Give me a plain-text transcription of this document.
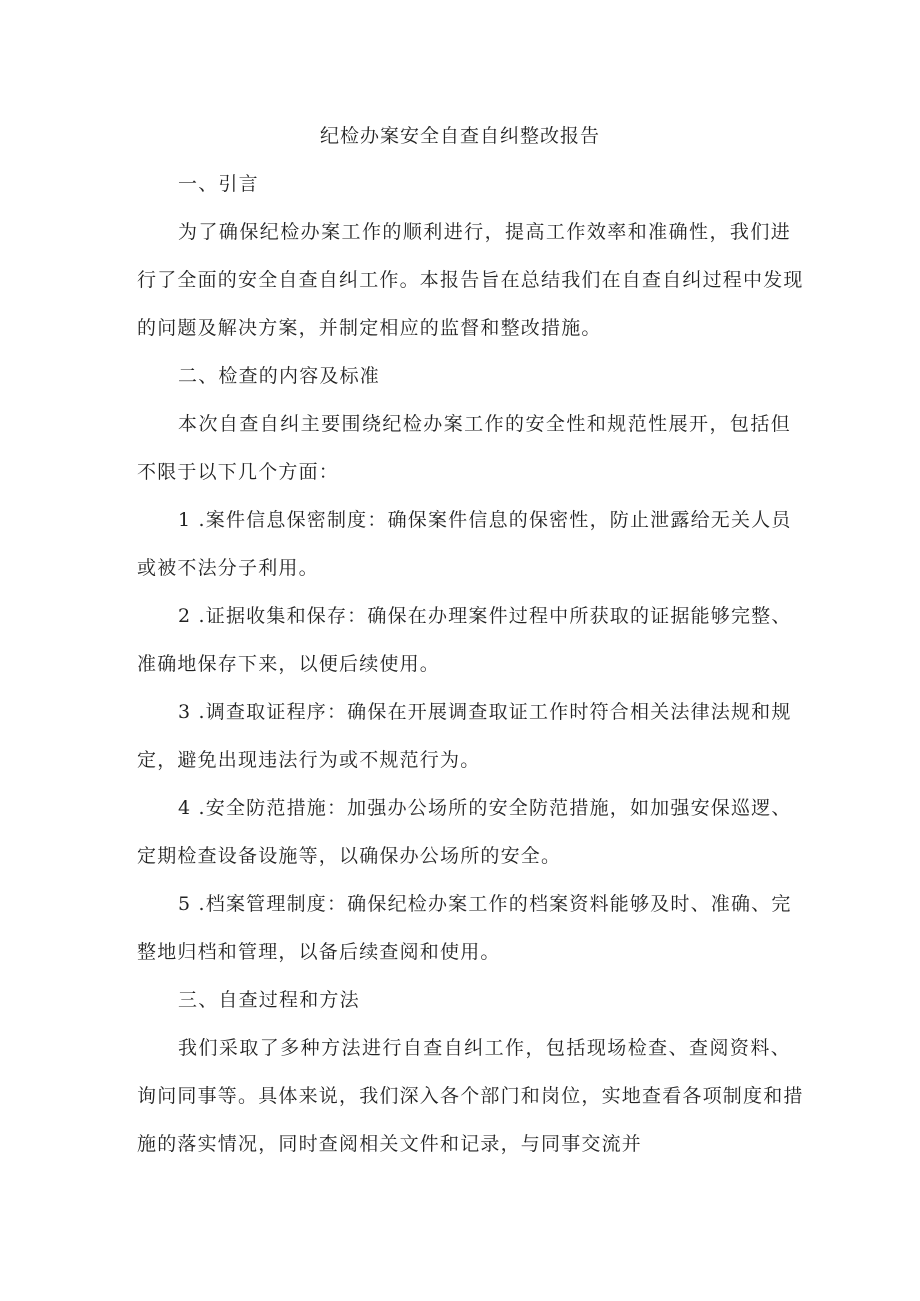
纪检办案安全自查自纠整改报告
一、引言
为了确保纪检办案工作的顺利进行，提高工作效率和准确性，我们进
行了全面的安全自查自纠工作。本报告旨在总结我们在自查自纠过程中发现
的问题及解决方案，并制定相应的监督和整改措施。
二、检查的内容及标准
本次自查自纠主要围绕纪检办案工作的安全性和规范性展开，包括但
不限于以下几个方面：
1 .案件信息保密制度：确保案件信息的保密性，防止泄露给无关人员
或被不法分子利用。
2 .证据收集和保存：确保在办理案件过程中所获取的证据能够完整、
准确地保存下来，以便后续使用。
3 .调查取证程序：确保在开展调查取证工作时符合相关法律法规和规
定，避免出现违法行为或不规范行为。
4 .安全防范措施：加强办公场所的安全防范措施，如加强安保巡逻、
定期检查设备设施等，以确保办公场所的安全。
5 .档案管理制度：确保纪检办案工作的档案资料能够及时、准确、完
整地归档和管理，以备后续查阅和使用。
三、自查过程和方法
我们采取了多种方法进行自查自纠工作，包括现场检查、查阅资料、
询问同事等。具体来说，我们深入各个部门和岗位，实地查看各项制度和措
施的落实情况，同时查阅相关文件和记录，与同事交流并
